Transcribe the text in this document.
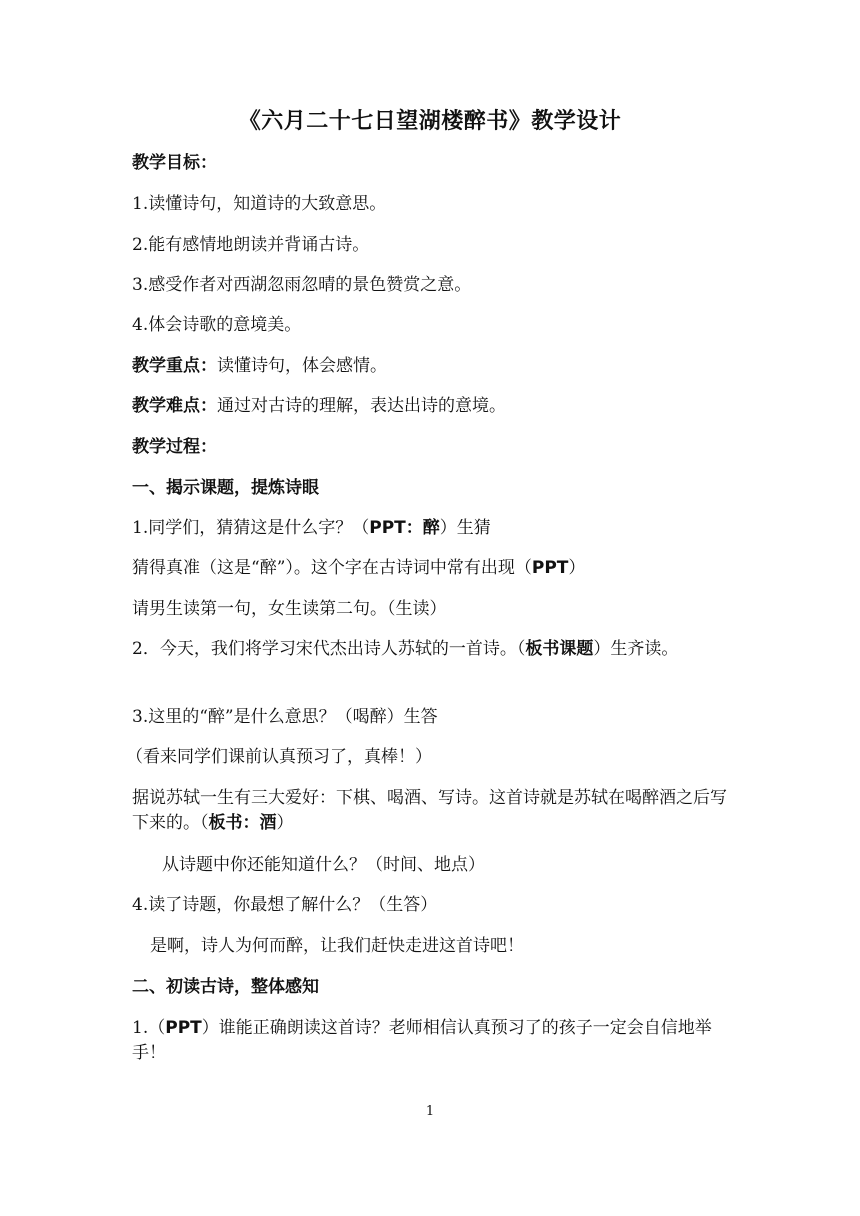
《六月二十七日望湖楼醉书》教学设计
教学目标：
1.读懂诗句，知道诗的大致意思。
2.能有感情地朗读并背诵古诗。
3.感受作者对西湖忽雨忽晴的景色赞赏之意。
4.体会诗歌的意境美。
教学重点：读懂诗句，体会感情。
教学难点：通过对古诗的理解，表达出诗的意境。
教学过程：
一、揭示课题，提炼诗眼
1.同学们，猜猜这是什么字？（PPT：醉）生猜
猜得真准（这是“醉”）。这个字在古诗词中常有出现（PPT）
请男生读第一句，女生读第二句。（生读）
2．今天，我们将学习宋代杰出诗人苏轼的一首诗。（板书课题）生齐读。
3.这里的“醉”是什么意思？（喝醉）生答
（看来同学们课前认真预习了，真棒！）
据说苏轼一生有三大爱好：下棋、喝酒、写诗。这首诗就是苏轼在喝醉酒之后写下来的。（板书：酒）
从诗题中你还能知道什么？（时间、地点）
4.读了诗题，你最想了解什么？（生答）
是啊，诗人为何而醉，让我们赶快走进这首诗吧！
二、初读古诗，整体感知
1.（PPT）谁能正确朗读这首诗？老师相信认真预习了的孩子一定会自信地举手！
1
